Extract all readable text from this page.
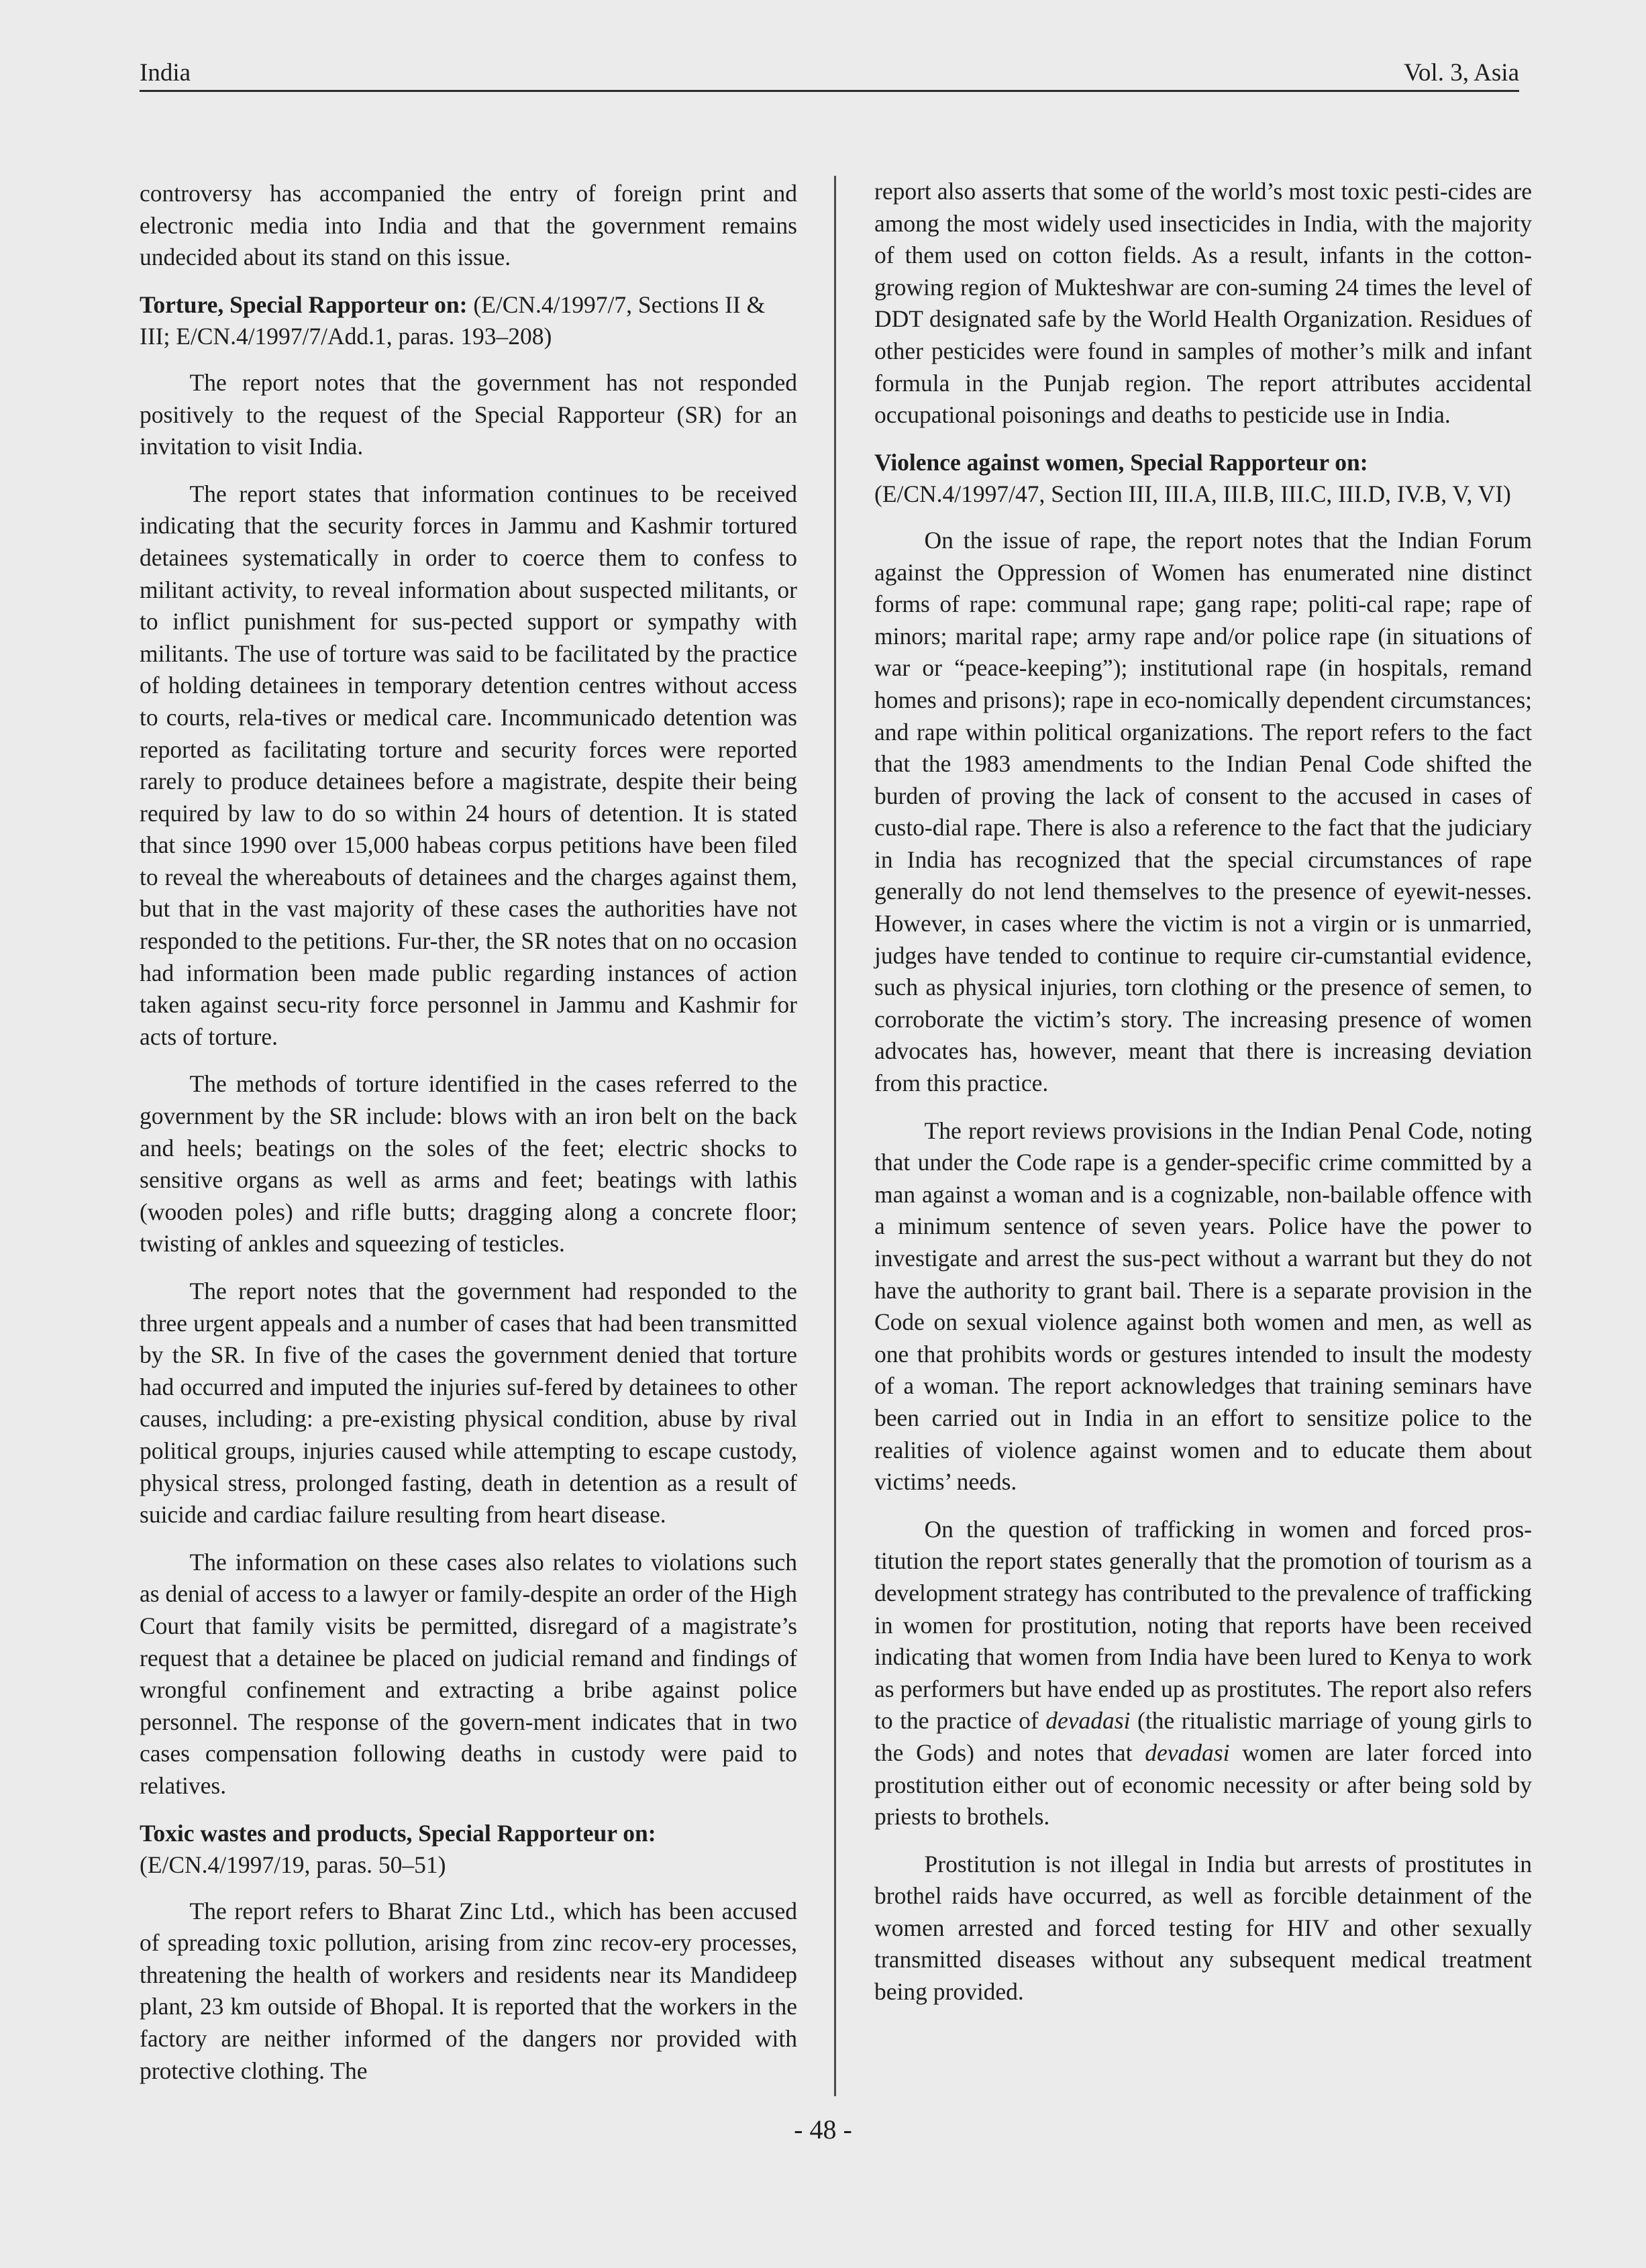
India	Vol. 3, Asia

controversy has accompanied the entry of foreign print and electronic media into India and that the government remains undecided about its stand on this issue.

Torture, Special Rapporteur on: (E/CN.4/1997/7, Sections II & III; E/CN.4/1997/7/Add.1, paras. 193–208)

The report notes that the government has not responded positively to the request of the Special Rapporteur (SR) for an invitation to visit India.

The report states that information continues to be received indicating that the security forces in Jammu and Kashmir tortured detainees systematically in order to coerce them to confess to militant activity, to reveal information about suspected militants, or to inflict punishment for sus-pected support or sympathy with militants. The use of torture was said to be facilitated by the practice of holding detainees in temporary detention centres without access to courts, rela-tives or medical care. Incommunicado detention was reported as facilitating torture and security forces were reported rarely to produce detainees before a magistrate, despite their being required by law to do so within 24 hours of detention. It is stated that since 1990 over 15,000 habeas corpus petitions have been filed to reveal the whereabouts of detainees and the charges against them, but that in the vast majority of these cases the authorities have not responded to the petitions. Fur-ther, the SR notes that on no occasion had information been made public regarding instances of action taken against secu-rity force personnel in Jammu and Kashmir for acts of torture.

The methods of torture identified in the cases referred to the government by the SR include: blows with an iron belt on the back and heels; beatings on the soles of the feet; electric shocks to sensitive organs as well as arms and feet; beatings with lathis (wooden poles) and rifle butts; dragging along a concrete floor; twisting of ankles and squeezing of testicles.

The report notes that the government had responded to the three urgent appeals and a number of cases that had been transmitted by the SR. In five of the cases the government denied that torture had occurred and imputed the injuries suf-fered by detainees to other causes, including: a pre-existing physical condition, abuse by rival political groups, injuries caused while attempting to escape custody, physical stress, prolonged fasting, death in detention as a result of suicide and cardiac failure resulting from heart disease.

The information on these cases also relates to violations such as denial of access to a lawyer or family-despite an order of the High Court that family visits be permitted, disregard of a magistrate’s request that a detainee be placed on judicial remand and findings of wrongful confinement and extracting a bribe against police personnel. The response of the govern-ment indicates that in two cases compensation following deaths in custody were paid to relatives.

Toxic wastes and products, Special Rapporteur on:
(E/CN.4/1997/19, paras. 50–51)

The report refers to Bharat Zinc Ltd., which has been accused of spreading toxic pollution, arising from zinc recov-ery processes, threatening the health of workers and residents near its Mandideep plant, 23 km outside of Bhopal. It is reported that the workers in the factory are neither informed of the dangers nor provided with protective clothing. The

report also asserts that some of the world’s most toxic pesti-cides are among the most widely used insecticides in India, with the majority of them used on cotton fields. As a result, infants in the cotton-growing region of Mukteshwar are con-suming 24 times the level of DDT designated safe by the World Health Organization. Residues of other pesticides were found in samples of mother’s milk and infant formula in the Punjab region. The report attributes accidental occupational poisonings and deaths to pesticide use in India.

Violence against women, Special Rapporteur on:
(E/CN.4/1997/47, Section III, III.A, III.B, III.C, III.D, IV.B, V, VI)

On the issue of rape, the report notes that the Indian Forum against the Oppression of Women has enumerated nine distinct forms of rape: communal rape; gang rape; politi-cal rape; rape of minors; marital rape; army rape and/or police rape (in situations of war or “peace-keeping”); institutional rape (in hospitals, remand homes and prisons); rape in eco-nomically dependent circumstances; and rape within political organizations. The report refers to the fact that the 1983 amendments to the Indian Penal Code shifted the burden of proving the lack of consent to the accused in cases of custo-dial rape. There is also a reference to the fact that the judiciary in India has recognized that the special circumstances of rape generally do not lend themselves to the presence of eyewit-nesses. However, in cases where the victim is not a virgin or is unmarried, judges have tended to continue to require cir-cumstantial evidence, such as physical injuries, torn clothing or the presence of semen, to corroborate the victim’s story. The increasing presence of women advocates has, however, meant that there is increasing deviation from this practice.

The report reviews provisions in the Indian Penal Code, noting that under the Code rape is a gender-specific crime committed by a man against a woman and is a cognizable, non-bailable offence with a minimum sentence of seven years. Police have the power to investigate and arrest the sus-pect without a warrant but they do not have the authority to grant bail. There is a separate provision in the Code on sexual violence against both women and men, as well as one that prohibits words or gestures intended to insult the modesty of a woman. The report acknowledges that training seminars have been carried out in India in an effort to sensitize police to the realities of violence against women and to educate them about victims’ needs.

On the question of trafficking in women and forced pros-titution the report states generally that the promotion of tourism as a development strategy has contributed to the prevalence of trafficking in women for prostitution, noting that reports have been received indicating that women from India have been lured to Kenya to work as performers but have ended up as prostitutes. The report also refers to the practice of devadasi (the ritualistic marriage of young girls to the Gods) and notes that devadasi women are later forced into prostitution either out of economic necessity or after being sold by priests to brothels.

Prostitution is not illegal in India but arrests of prostitutes in brothel raids have occurred, as well as forcible detainment of the women arrested and forced testing for HIV and other sexually transmitted diseases without any subsequent medical treatment being provided.

- 48 -
